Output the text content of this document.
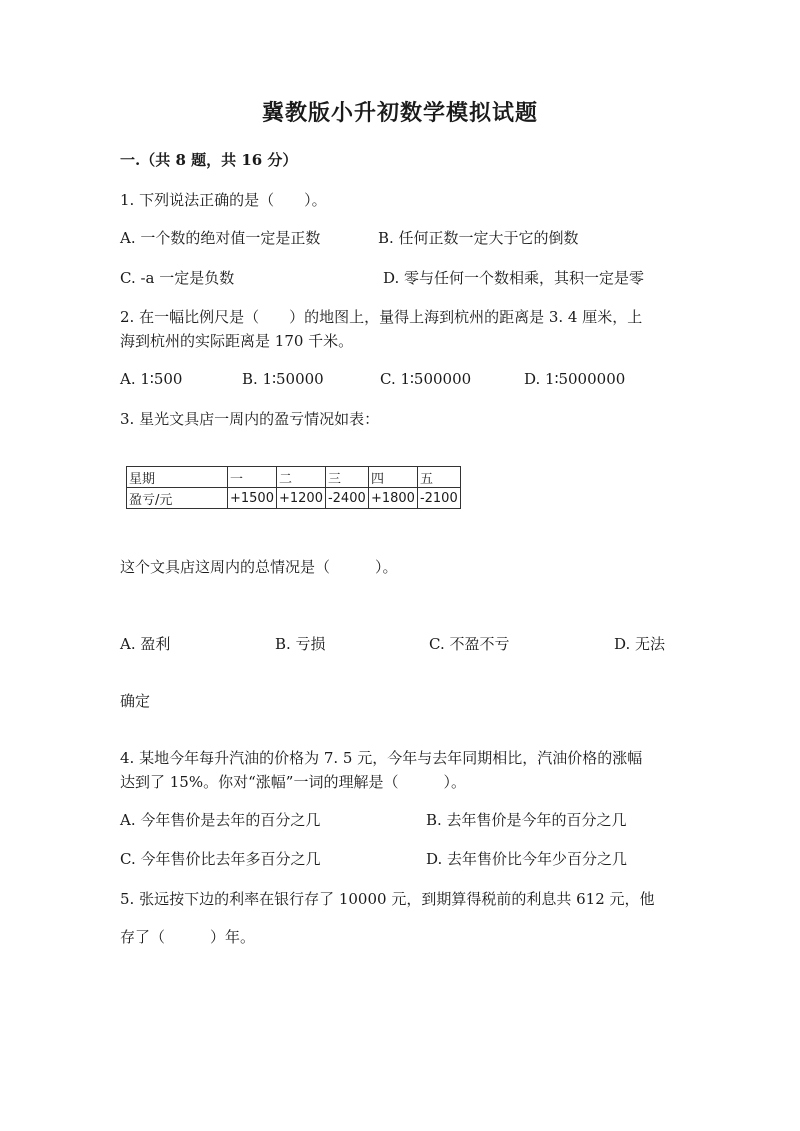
冀教版小升初数学模拟试题
一.（共 8 题，共 16 分）
1. 下列说法正确的是（　　）。
A. 一个数的绝对值一定是正数	B. 任何正数一定大于它的倒数
C. -a 一定是负数	D. 零与任何一个数相乘，其积一定是零
2. 在一幅比例尺是（　　）的地图上，量得上海到杭州的距离是 3. 4 厘米，上
海到杭州的实际距离是 170 千米。
A. 1∶500	B. 1∶50000	C. 1∶500000	D. 1∶5000000
3. 星光文具店一周内的盈亏情况如表：
星期	一	二	三	四	五
盈亏/元	+1500	+1200	-2400	+1800	-2100
这个文具店这周内的总情况是（　　　）。
A. 盈利	B. 亏损	C. 不盈不亏	D. 无法
确定
4. 某地今年每升汽油的价格为 7. 5 元，今年与去年同期相比，汽油价格的涨幅
达到了 15%。你对“涨幅”一词的理解是（　　　）。
A. 今年售价是去年的百分之几	B. 去年售价是今年的百分之几
C. 今年售价比去年多百分之几	D. 去年售价比今年少百分之几
5. 张远按下边的利率在银行存了 10000 元，到期算得税前的利息共 612 元，他
存了（　　　）年。
